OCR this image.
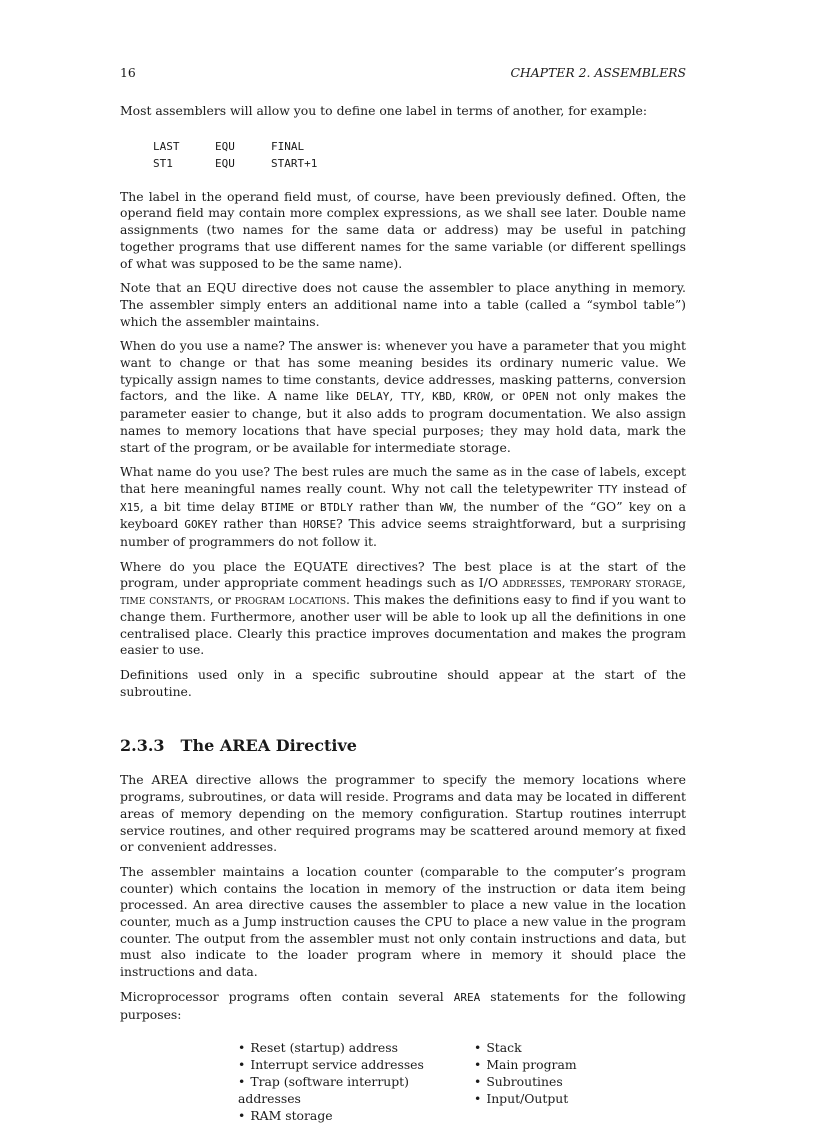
16	CHAPTER 2. ASSEMBLERS

Most assemblers will allow you to define one label in terms of another, for example:

LAST	EQU	FINAL
ST1	EQU	START+1

The label in the operand field must, of course, have been previously defined. Often, the operand field may contain more complex expressions, as we shall see later. Double name assignments (two names for the same data or address) may be useful in patching together programs that use different names for the same variable (or different spellings of what was supposed to be the same name).

Note that an EQU directive does not cause the assembler to place anything in memory. The assembler simply enters an additional name into a table (called a “symbol table”) which the assembler maintains.

When do you use a name? The answer is: whenever you have a parameter that you might want to change or that has some meaning besides its ordinary numeric value. We typically assign names to time constants, device addresses, masking patterns, conversion factors, and the like. A name like DELAY, TTY, KBD, KROW, or OPEN not only makes the parameter easier to change, but it also adds to program documentation. We also assign names to memory locations that have special purposes; they may hold data, mark the start of the program, or be available for intermediate storage.

What name do you use? The best rules are much the same as in the case of labels, except that here meaningful names really count. Why not call the teletypewriter TTY instead of X15, a bit time delay BTIME or BTDLY rather than WW, the number of the “GO” key on a keyboard GOKEY rather than HORSE? This advice seems straightforward, but a surprising number of programmers do not follow it.

Where do you place the EQUATE directives? The best place is at the start of the program, under appropriate comment headings such as I/O addresses, temporary storage, time constants, or program locations. This makes the definitions easy to find if you want to change them. Furthermore, another user will be able to look up all the definitions in one centralised place. Clearly this practice improves documentation and makes the program easier to use.

Definitions used only in a specific subroutine should appear at the start of the subroutine.

2.3.3 The AREA Directive

The AREA directive allows the programmer to specify the memory locations where programs, subroutines, or data will reside. Programs and data may be located in different areas of memory depending on the memory configuration. Startup routines interrupt service routines, and other required programs may be scattered around memory at fixed or convenient addresses.

The assembler maintains a location counter (comparable to the computer’s program counter) which contains the location in memory of the instruction or data item being processed. An area directive causes the assembler to place a new value in the location counter, much as a Jump instruction causes the CPU to place a new value in the program counter. The output from the assembler must not only contain instructions and data, but must also indicate to the loader program where in memory it should place the instructions and data.

Microprocessor programs often contain several AREA statements for the following purposes:

• Reset (startup) address
• Interrupt service addresses
• Trap (software interrupt) addresses
• RAM storage
• Stack
• Main program
• Subroutines
• Input/Output
